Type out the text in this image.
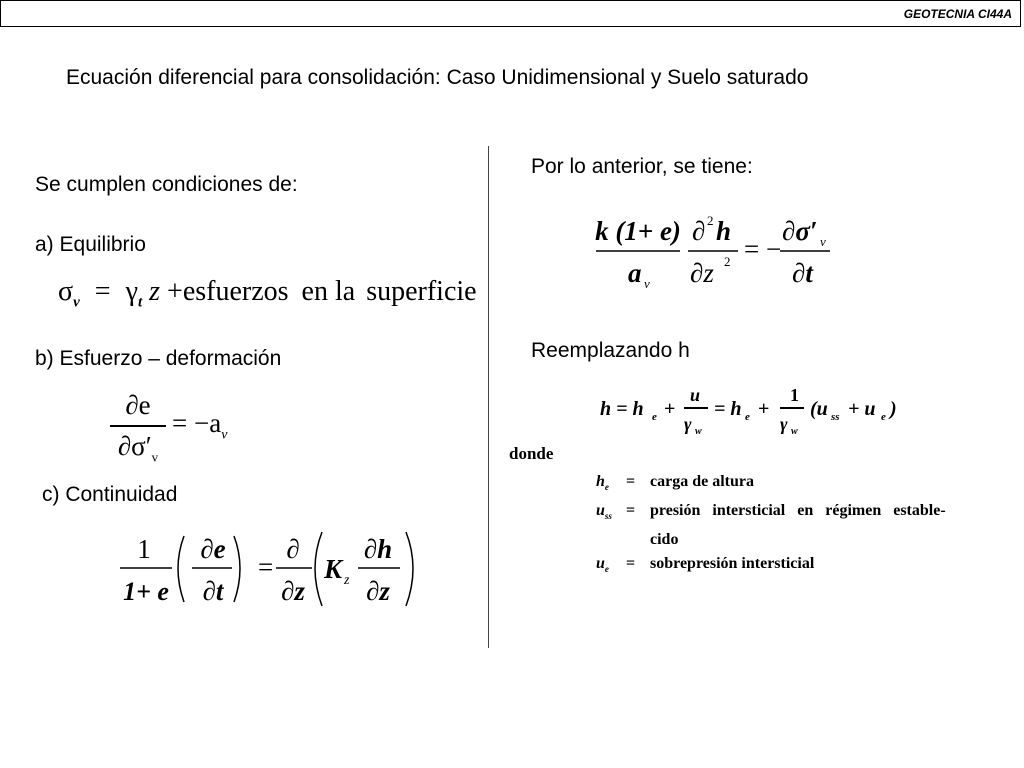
GEOTECNIA CI44A
Ecuación diferencial para consolidación: Caso Unidimensional y Suelo saturado
Se cumplen condiciones de:
a) Equilibrio
$\sigma_v = \gamma_t$ z +esfuerzos en la superficie
b) Esfuerzo – deformación
∂e
$\partial\sigma'_v$
= $-a_v$
c) Continuidad
1
1+ e
∂e
∂t
=
∂
∂z
K z
∂h
∂z
Por lo anterior, se tiene:
k (1+ e)
a v
∂ 2 h
∂z 2 = −
∂σ′ v
∂t
Reemplazando h
h = h e +
u
γ w
= h e +
1
γ w
(u ss + u e )
donde
$h_e$	= carga de altura
$u_{ss}$ = presión intersticial en régimen estable-
cido
$u_e$	= sobrepresión intersticial
